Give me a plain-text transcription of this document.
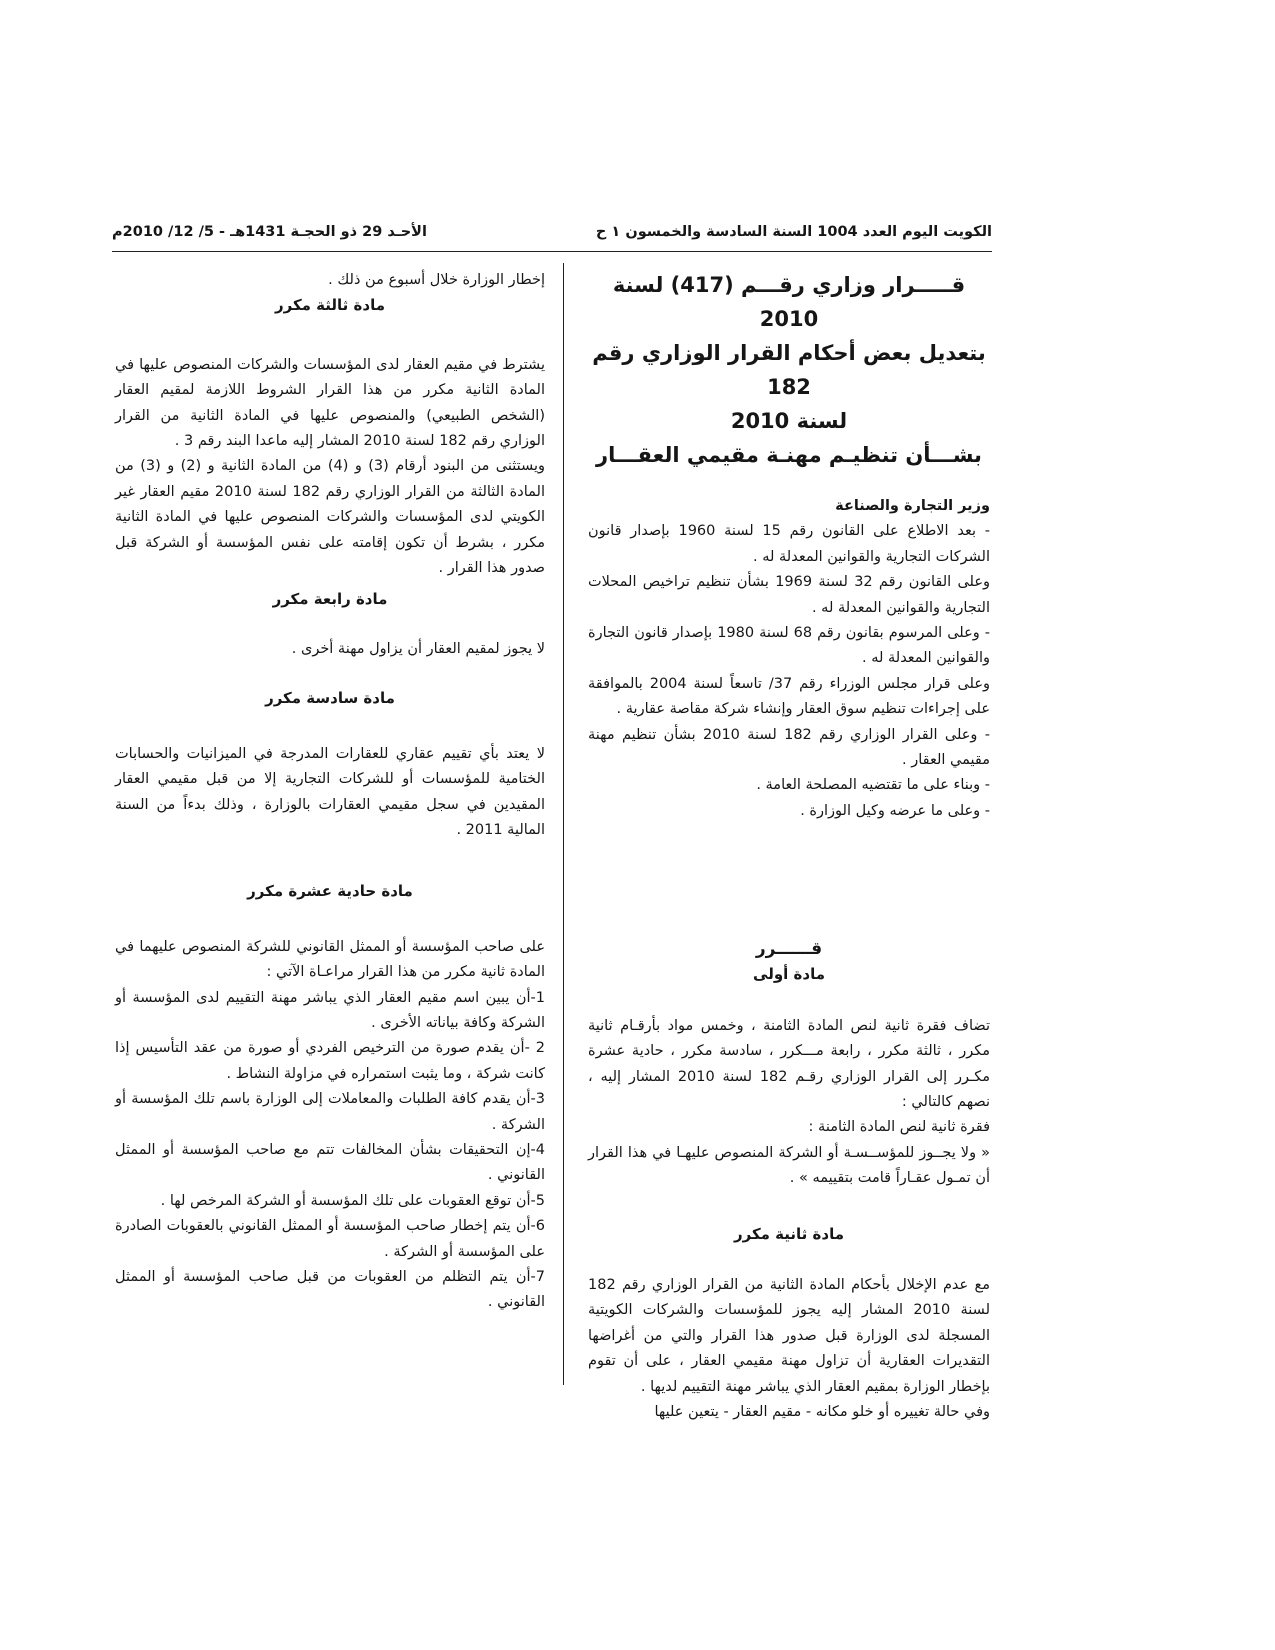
الكويت اليوم العدد 1004 السنة السادسة والخمسون ١ ح
الأحـد 29 ذو الحجـة 1431هـ - 5/ 12/ 2010م
قـــــرار وزاري رقـــم (417) لسنة 2010
بتعديل بعض أحكام القرار الوزاري رقم 182
لسنة 2010
بشـــأن تنظيـم مهنـة مقيمي العقـــار

وزير التجارة والصناعة

- بعد الاطلاع على القانون رقم 15 لسنة 1960 بإصدار قانون الشركات التجارية والقوانين المعدلة له .

وعلى القانون رقم 32 لسنة 1969 بشأن تنظيم تراخيص المحلات التجارية والقوانين المعدلة له .

- وعلى المرسوم بقانون رقم 68 لسنة 1980 بإصدار قانون التجارة والقوانين المعدلة له .

وعلى قرار مجلس الوزراء رقم 37/ تاسعاً لسنة 2004 بالموافقة على إجراءات تنظيم سوق العقار وإنشاء شركة مقاصة عقارية .

- وعلى القرار الوزاري رقم 182 لسنة 2010 بشأن تنظيم مهنة مقيمي العقار .

- وبناء على ما تقتضيه المصلحة العامة .

- وعلى ما عرضه وكيل الوزارة .

قــــــرر

مادة أولى

تضاف فقرة ثانية لنص المادة الثامنة ، وخمس مواد بأرقـام ثانية مكرر ، ثالثة مكرر ، رابعة مـــكرر ، سادسة مكرر ، حادية عشرة مكـرر إلى القرار الوزاري رقـم 182 لسنة 2010 المشار إليه ، نصهم كالتالي :

فقرة ثانية لنص المادة الثامنة :

« ولا يجــوز للمؤســسـة أو الشركة المنصوص عليهـا في هذا القرار أن تمـول عقـاراً قامت بتقييمه » .

مادة ثانية مكرر

مع عدم الإخلال بأحكام المادة الثانية من القرار الوزاري رقم 182 لسنة 2010 المشار إليه يجوز للمؤسسات والشركات الكويتية المسجلة لدى الوزارة قبل صدور هذا القرار والتي من أغراضها التقديرات العقارية أن تزاول مهنة مقيمي العقار ، على أن تقوم بإخطار الوزارة بمقيم العقار الذي يباشر مهنة التقييم لديها .

وفي حالة تغييره أو خلو مكانه - مقيم العقار - يتعين عليها

إخطار الوزارة خلال أسبوع من ذلك .

مادة ثالثة مكرر

يشترط في مقيم العقار لدى المؤسسات والشركات المنصوص عليها في المادة الثانية مكرر من هذا القرار الشروط اللازمة لمقيم العقار (الشخص الطبيعي) والمنصوص عليها في المادة الثانية من القرار الوزاري رقم 182 لسنة 2010 المشار إليه ماعدا البند رقم 3 .

ويستثنى من البنود أرقام (3) و (4) من المادة الثانية و (2) و (3) من المادة الثالثة من القرار الوزاري رقم 182 لسنة 2010 مقيم العقار غير الكويتي لدى المؤسسات والشركات المنصوص عليها في المادة الثانية مكرر ، بشرط أن تكون إقامته على نفس المؤسسة أو الشركة قبل صدور هذا القرار .

مادة رابعة مكرر

لا يجوز لمقيم العقار أن يزاول مهنة أخرى .

مادة سادسة مكرر

لا يعتد بأي تقييم عقاري للعقارات المدرجة في الميزانيات والحسابات الختامية للمؤسسات أو للشركات التجارية إلا من قبل مقيمي العقار المقيدين في سجل مقيمي العقارات بالوزارة ، وذلك بدءاً من السنة المالية 2011 .

مادة حادية عشرة مكرر

على صاحب المؤسسة أو الممثل القانوني للشركة المنصوص عليهما في المادة ثانية مكرر من هذا القرار مراعـاة الآتي :

1-أن يبين اسم مقيم العقار الذي يباشر مهنة التقييم لدى المؤسسة أو الشركة وكافة بياناته الأخرى .

2 -أن يقدم صورة من الترخيص الفردي أو صورة من عقد التأسيس إذا كانت شركة ، وما يثبت استمراره في مزاولة النشاط .

3-أن يقدم كافة الطلبات والمعاملات إلى الوزارة باسم تلك المؤسسة أو الشركة .

4-إن التحقيقات بشأن المخالفات تتم مع صاحب المؤسسة أو الممثل القانوني .

5-أن توقع العقوبات على تلك المؤسسة أو الشركة المرخص لها .

6-أن يتم إخطار صاحب المؤسسة أو الممثل القانوني بالعقوبات الصادرة على المؤسسة أو الشركة .

7-أن يتم التظلم من العقوبات من قبل صاحب المؤسسة أو الممثل القانوني .
